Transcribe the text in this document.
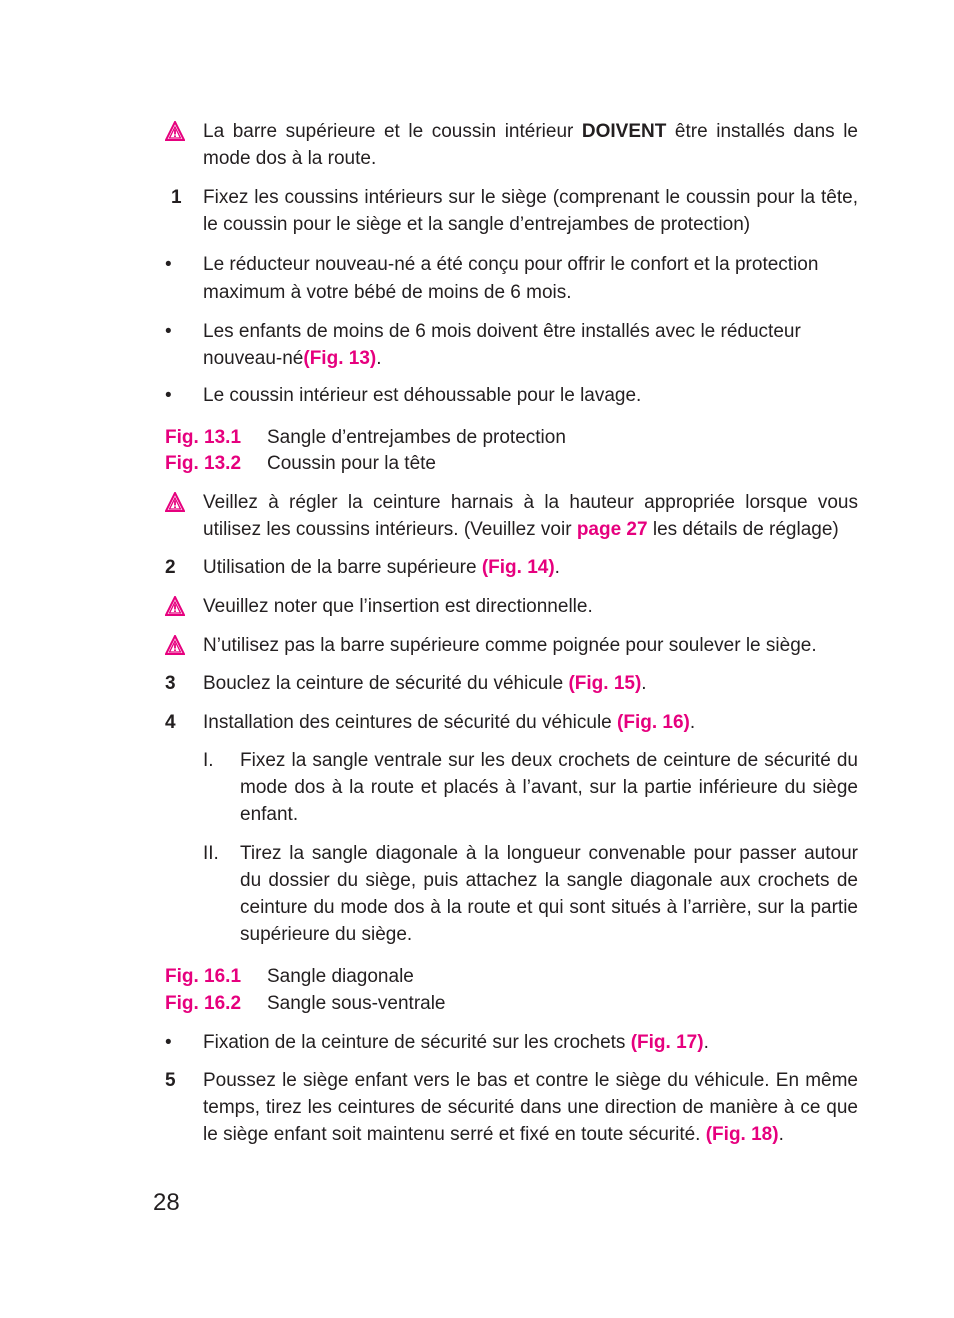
La barre supérieure et le coussin intérieur DOIVENT être installés dans le mode dos à la route.
1	Fixez les coussins intérieurs sur le siège (comprenant le coussin pour la tête, le coussin pour le siège et la sangle d’entrejambes de protection)
•	Le réducteur nouveau-né a été conçu pour offrir le confort et la protection maximum à votre bébé de moins de 6 mois.
•	Les enfants de moins de 6 mois doivent être installés avec le réducteur nouveau-né(Fig. 13).
•	Le coussin intérieur est déhoussable pour le lavage.
Fig. 13.1	Sangle d’entrejambes de protection
Fig. 13.2	Coussin pour la tête
Veillez à régler la ceinture harnais à la hauteur appropriée lorsque vous utilisez les coussins intérieurs. (Veuillez voir page 27 les détails de réglage)
2	Utilisation de la barre supérieure (Fig. 14).
Veuillez noter que l’insertion est directionnelle.
N’utilisez pas la barre supérieure comme poignée pour soulever le siège.
3	Bouclez la ceinture de sécurité du véhicule (Fig. 15).
4	Installation des ceintures de sécurité du véhicule (Fig. 16).
I.	Fixez la sangle ventrale sur les deux crochets de ceinture de sécurité du mode dos à la route et placés à l’avant, sur la partie inférieure du siège enfant.
II.	Tirez la sangle diagonale à la longueur convenable pour passer autour du dossier du siège, puis attachez la sangle diagonale aux crochets de ceinture du mode dos à la route et qui sont situés à l’arrière, sur la partie supérieure du siège.
Fig. 16.1	Sangle diagonale
Fig. 16.2	Sangle sous-ventrale
•	Fixation de la ceinture de sécurité sur les crochets (Fig. 17).
5	Poussez le siège enfant vers le bas et contre le siège du véhicule. En même temps, tirez les ceintures de sécurité dans une direction de manière à ce que le siège enfant soit maintenu serré et fixé en toute sécurité. (Fig. 18).
28
